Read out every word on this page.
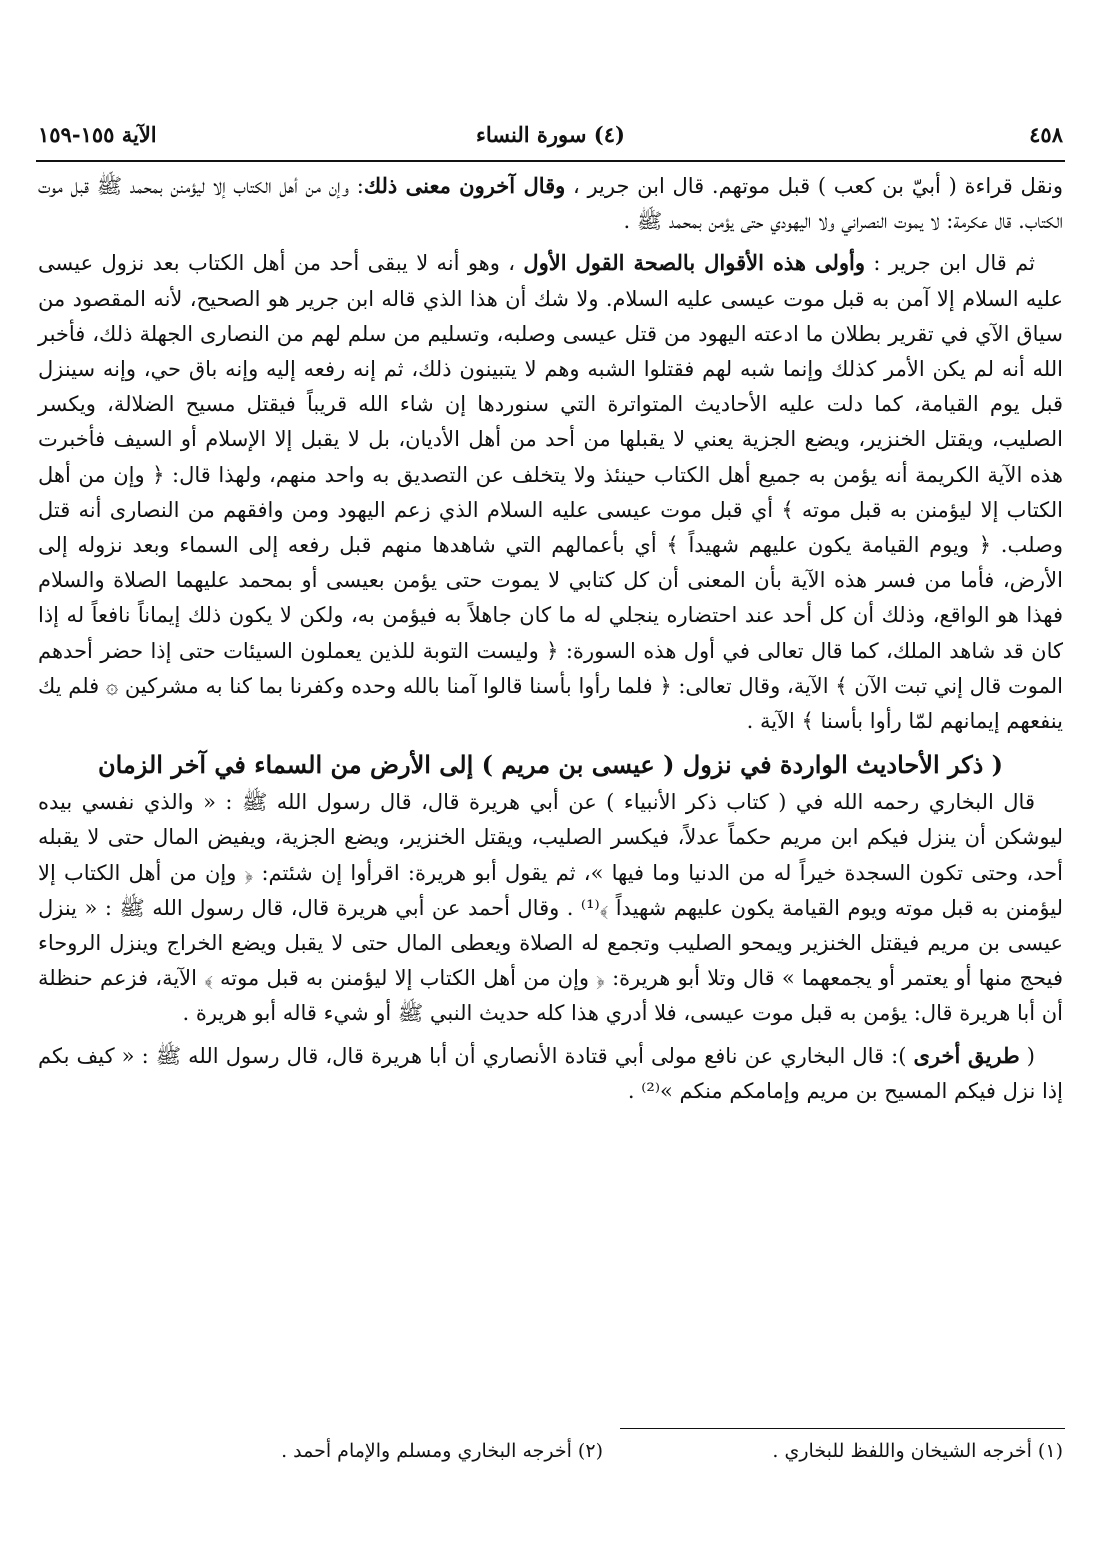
٤٥٨
(٤) سورة النساء
الآية ١٥٥-١٥٩

ونقل قراءة ( أبيّ بن كعب ) قبل موتهم. قال ابن جرير ، وقال آخرون معنى ذلك: وإن من أهل الكتاب إلا ليؤمنن بمحمد ﷺ قبل موت الكتاب. قال عكرمة: لا يموت النصراني ولا اليهودي حتى يؤمن بمحمد ﷺ .

ثم قال ابن جرير : وأولى هذه الأقوال بالصحة القول الأول ، وهو أنه لا يبقى أحد من أهل الكتاب بعد نزول عيسى عليه السلام إلا آمن به قبل موت عيسى عليه السلام. ولا شك أن هذا الذي قاله ابن جرير هو الصحيح، لأنه المقصود من سياق الآي في تقرير بطلان ما ادعته اليهود من قتل عيسى وصلبه، وتسليم من سلم لهم من النصارى الجهلة ذلك، فأخبر الله أنه لم يكن الأمر كذلك وإنما شبه لهم فقتلوا الشبه وهم لا يتبينون ذلك، ثم إنه رفعه إليه وإنه باق حي، وإنه سينزل قبل يوم القيامة، كما دلت عليه الأحاديث المتواترة التي سنوردها إن شاء الله قريباً فيقتل مسيح الضلالة، ويكسر الصليب، ويقتل الخنزير، ويضع الجزية يعني لا يقبلها من أحد من أهل الأديان، بل لا يقبل إلا الإسلام أو السيف فأخبرت هذه الآية الكريمة أنه يؤمن به جميع أهل الكتاب حينئذ ولا يتخلف عن التصديق به واحد منهم، ولهذا قال: ﴿ وإن من أهل الكتاب إلا ليؤمنن به قبل موته ﴾ أي قبل موت عيسى عليه السلام الذي زعم اليهود ومن وافقهم من النصارى أنه قتل وصلب. ﴿ ويوم القيامة يكون عليهم شهيداً ﴾ أي بأعمالهم التي شاهدها منهم قبل رفعه إلى السماء وبعد نزوله إلى الأرض، فأما من فسر هذه الآية بأن المعنى أن كل كتابي لا يموت حتى يؤمن بعيسى أو بمحمد عليهما الصلاة والسلام فهذا هو الواقع، وذلك أن كل أحد عند احتضاره ينجلي له ما كان جاهلاً به فيؤمن به، ولكن لا يكون ذلك إيماناً نافعاً له إذا كان قد شاهد الملك، كما قال تعالى في أول هذه السورة: ﴿ وليست التوبة للذين يعملون السيئات حتى إذا حضر أحدهم الموت قال إني تبت الآن ﴾ الآية، وقال تعالى: ﴿ فلما رأوا بأسنا قالوا آمنا بالله وحده وكفرنا بما كنا به مشركين ۞ فلم يك ينفعهم إيمانهم لمّا رأوا بأسنا ﴾ الآية .

( ذكر الأحاديث الواردة في نزول ( عيسى بن مريم ) إلى الأرض من السماء في آخر الزمان

قال البخاري رحمه الله في ( كتاب ذكر الأنبياء ) عن أبي هريرة قال، قال رسول الله ﷺ : « والذي نفسي بيده ليوشكن أن ينزل فيكم ابن مريم حكماً عدلاً، فيكسر الصليب، ويقتل الخنزير، ويضع الجزية، ويفيض المال حتى لا يقبله أحد، وحتى تكون السجدة خيراً له من الدنيا وما فيها »، ثم يقول أبو هريرة: اقرأوا إن شئتم: ﴿ وإن من أهل الكتاب إلا ليؤمنن به قبل موته ويوم القيامة يكون عليهم شهيداً ﴾⁽¹⁾ . وقال أحمد عن أبي هريرة قال، قال رسول الله ﷺ : « ينزل عيسى بن مريم فيقتل الخنزير ويمحو الصليب وتجمع له الصلاة ويعطى المال حتى لا يقبل ويضع الخراج وينزل الروحاء فيحج منها أو يعتمر أو يجمعهما » قال وتلا أبو هريرة: ﴿ وإن من أهل الكتاب إلا ليؤمنن به قبل موته ﴾ الآية، فزعم حنظلة أن أبا هريرة قال: يؤمن به قبل موت عيسى، فلا أدري هذا كله حديث النبي ﷺ أو شيء قاله أبو هريرة .

( طريق أخرى ): قال البخاري عن نافع مولى أبي قتادة الأنصاري أن أبا هريرة قال، قال رسول الله ﷺ : « كيف بكم إذا نزل فيكم المسيح بن مريم وإمامكم منكم »⁽²⁾ .

(١) أخرجه الشيخان واللفظ للبخاري .
(٢) أخرجه البخاري ومسلم والإمام أحمد .
